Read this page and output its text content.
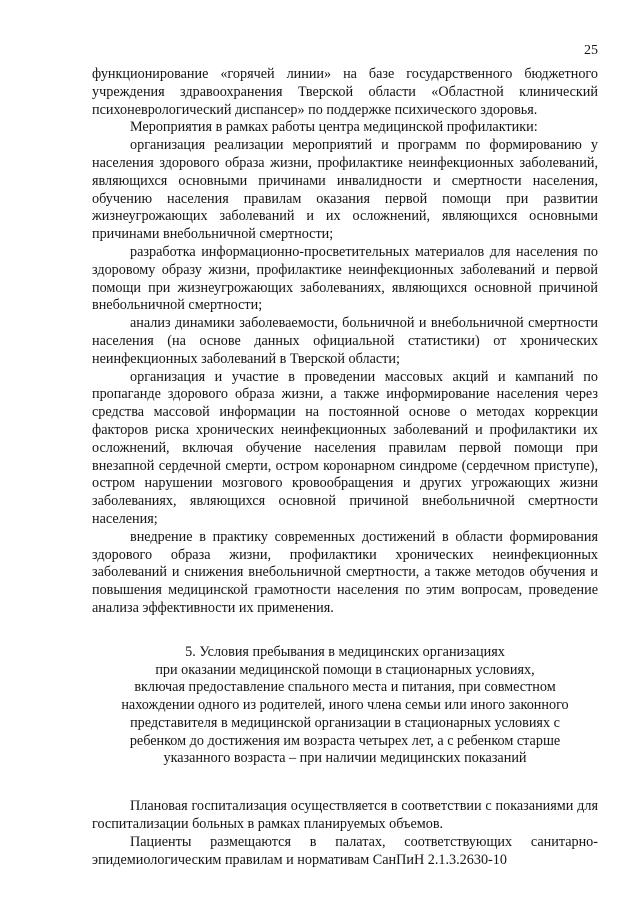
25

функционирование «горячей линии» на базе государственного бюджетного учреждения здравоохранения Тверской области «Областной клинический психоневрологический диспансер» по поддержке психического здоровья.

Мероприятия в рамках работы центра медицинской профилактики:

организация реализации мероприятий и программ по формированию у населения здорового образа жизни, профилактике неинфекционных заболеваний, являющихся основными причинами инвалидности и смертности населения, обучению населения правилам оказания первой помощи при развитии жизнеугрожающих заболеваний и их осложнений, являющихся основными причинами внебольничной смертности;

разработка информационно-просветительных материалов для населения по здоровому образу жизни, профилактике неинфекционных заболеваний и первой помощи при жизнеугрожающих заболеваниях, являющихся основной причиной внебольничной смертности;

анализ динамики заболеваемости, больничной и внебольничной смертности населения (на основе данных официальной статистики) от хронических неинфекционных заболеваний в Тверской области;

организация и участие в проведении массовых акций и кампаний по пропаганде здорового образа жизни, а также информирование населения через средства массовой информации на постоянной основе о методах коррекции факторов риска хронических неинфекционных заболеваний и профилактики их осложнений, включая обучение населения правилам первой помощи при внезапной сердечной смерти, остром коронарном синдроме (сердечном приступе), остром нарушении мозгового кровообращения и других угрожающих жизни заболеваниях, являющихся основной причиной внебольничной смертности населения;

внедрение в практику современных достижений в области формирования здорового образа жизни, профилактики хронических неинфекционных заболеваний и снижения внебольничной смертности, а также методов обучения и повышения медицинской грамотности населения по этим вопросам, проведение анализа эффективности их применения.

5. Условия пребывания в медицинских организациях
при оказании медицинской помощи в стационарных условиях,
включая предоставление спального места и питания, при совместном
нахождении одного из родителей, иного члена семьи или иного законного
представителя в медицинской организации в стационарных условиях с
ребенком до достижения им возраста четырех лет, а с ребенком старше
указанного возраста – при наличии медицинских показаний

Плановая госпитализация осуществляется в соответствии с показаниями для госпитализации больных в рамках планируемых объемов.

Пациенты размещаются в палатах, соответствующих санитарно-эпидемиологическим правилам и нормативам СанПиН 2.1.3.2630-10
